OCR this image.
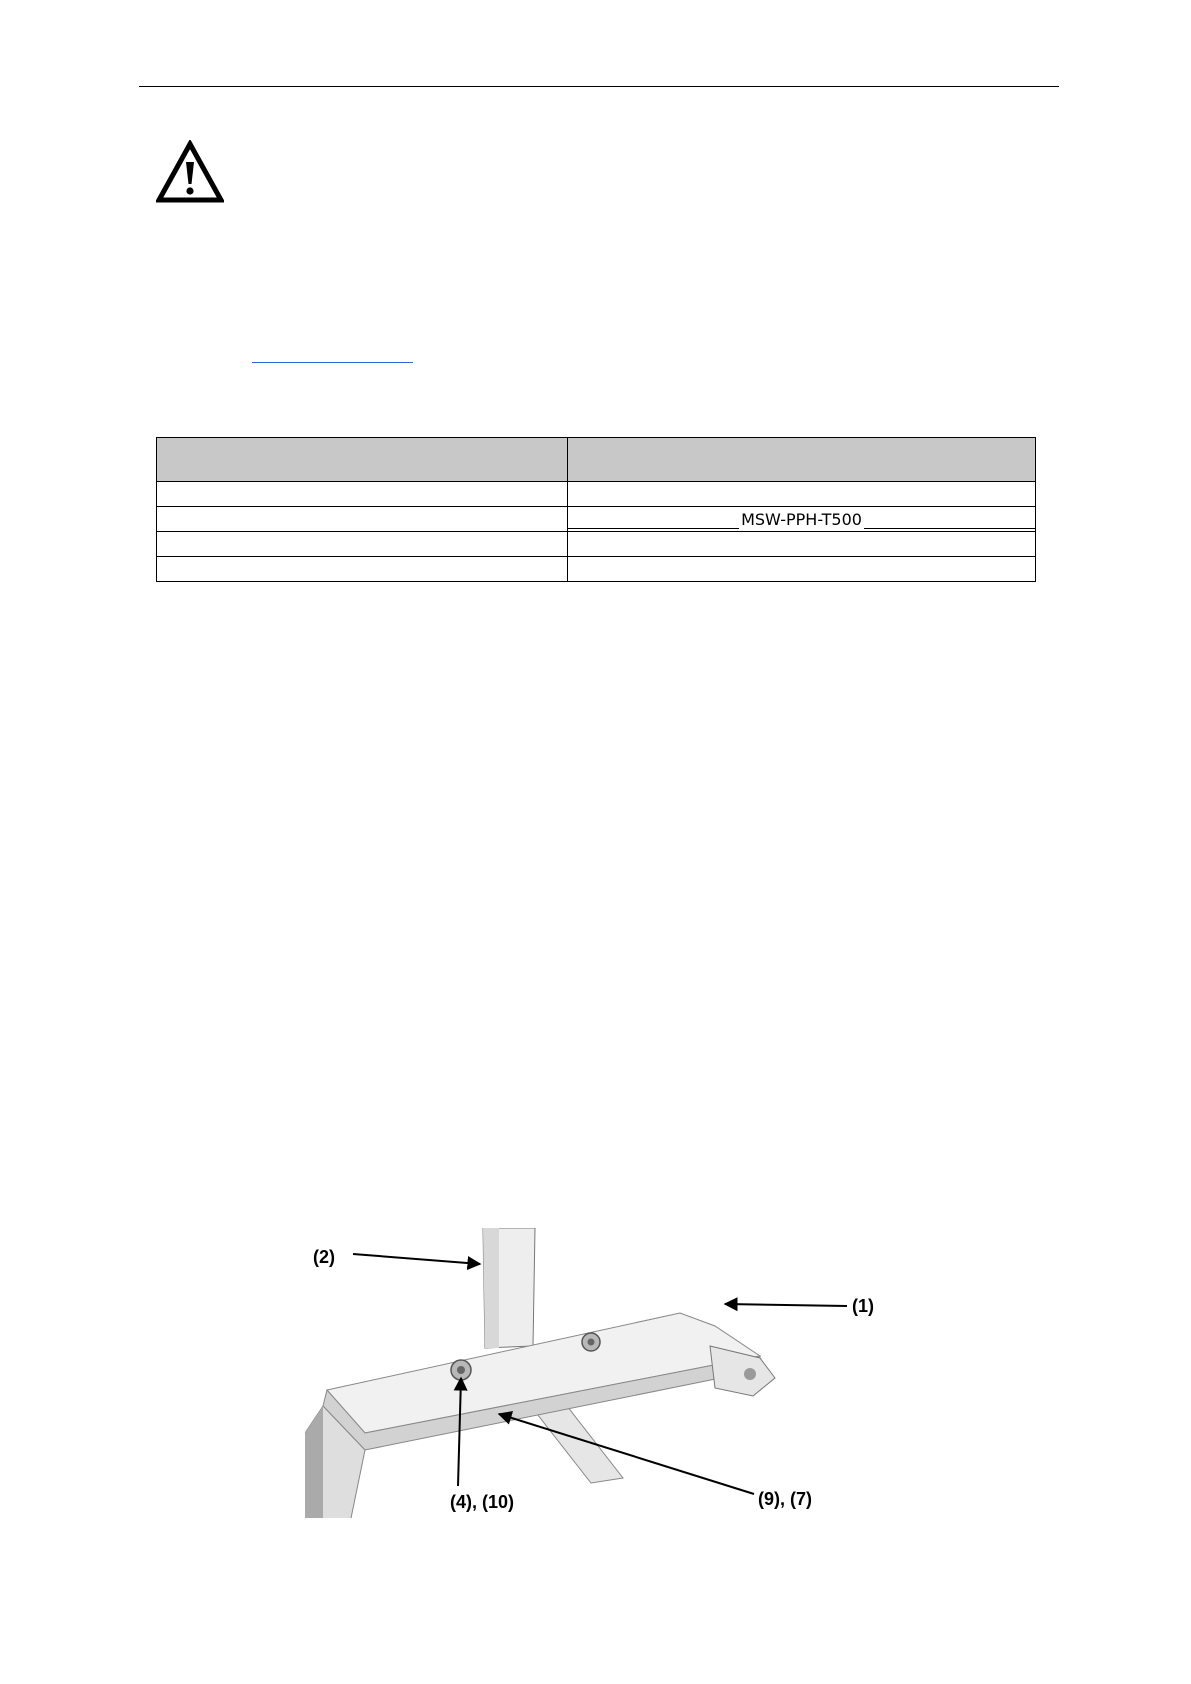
	MSW-PPH-T500

(2)
(1)
(4), (10)	(9), (7)
